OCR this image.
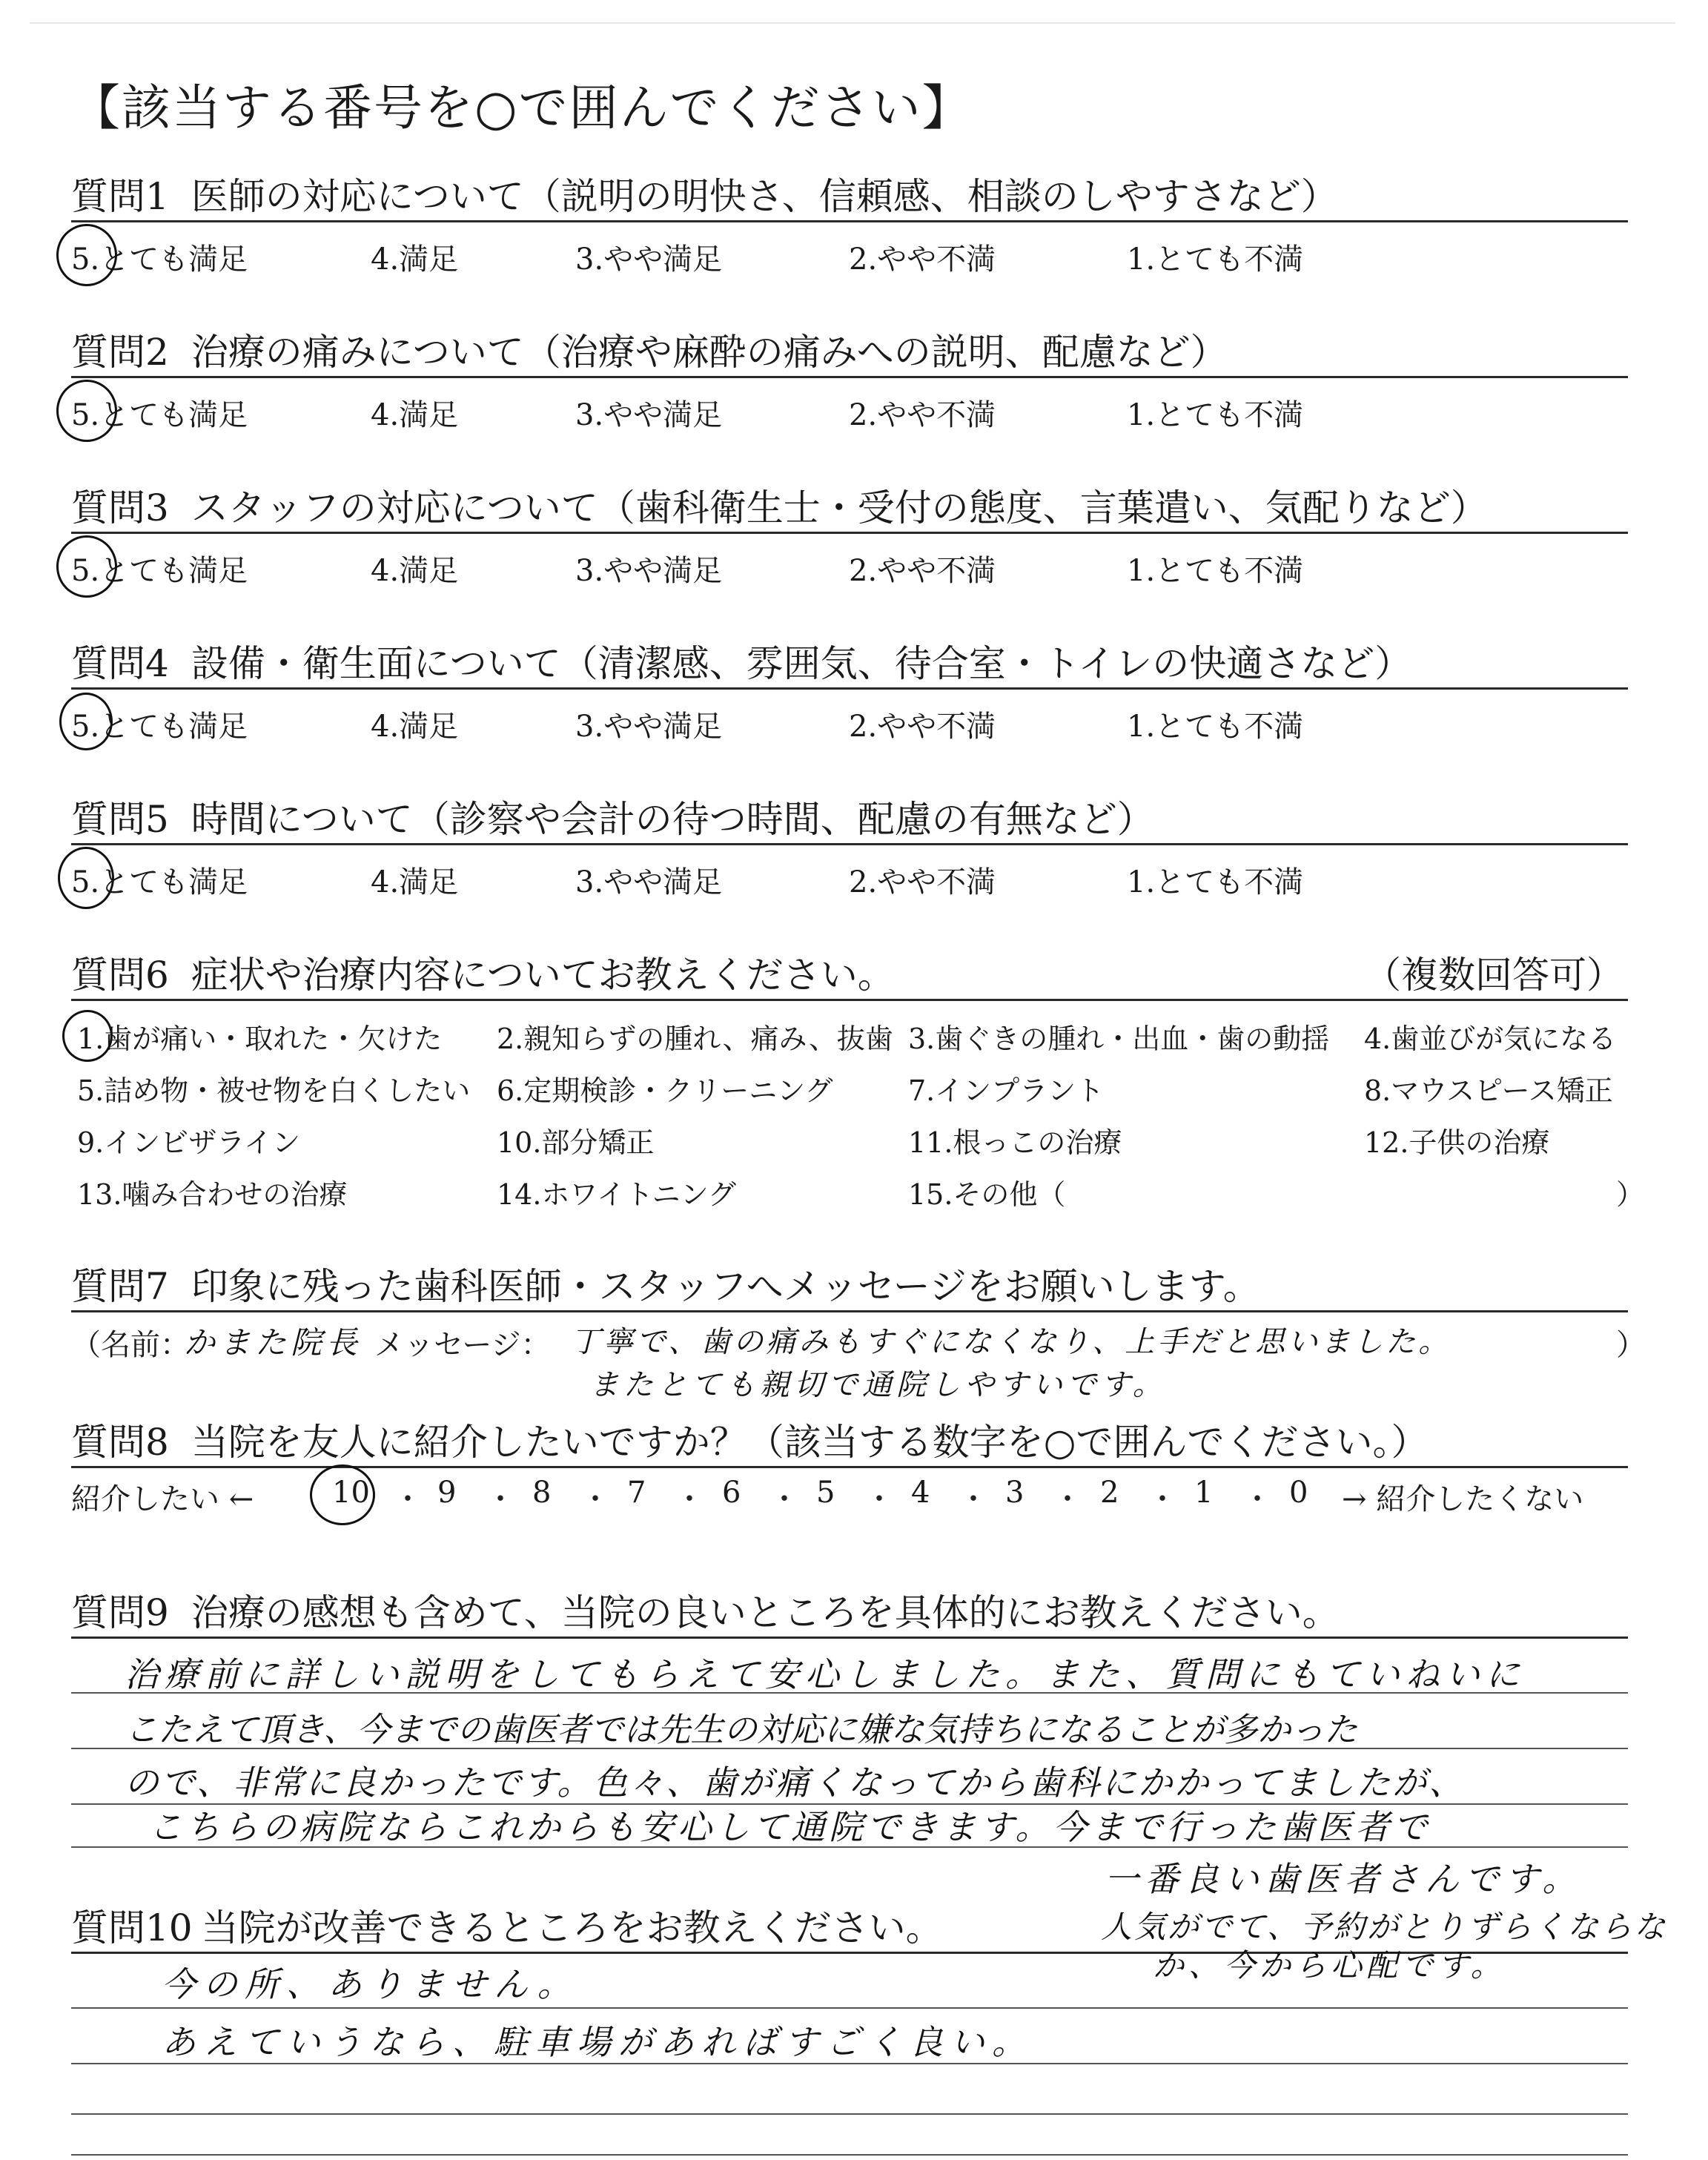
【該当する番号を○で囲んでください】
質問1 医師の対応について（説明の明快さ、信頼感、相談のしやすさなど）
5.とても満足	4.満足	3.やや満足	2.やや不満	1.とても不満
質問2 治療の痛みについて（治療や麻酔の痛みへの説明、配慮など）
5.とても満足	4.満足	3.やや満足	2.やや不満	1.とても不満
質問3 スタッフの対応について（歯科衛生士・受付の態度、言葉遣い、気配りなど）
5.とても満足	4.満足	3.やや満足	2.やや不満	1.とても不満
質問4 設備・衛生面について（清潔感、雰囲気、待合室・トイレの快適さなど）
5.とても満足	4.満足	3.やや満足	2.やや不満	1.とても不満
質問5 時間について（診察や会計の待つ時間、配慮の有無など）
5.とても満足	4.満足	3.やや満足	2.やや不満	1.とても不満
質問6 症状や治療内容についてお教えください。	（複数回答可）
1.歯が痛い・取れた・欠けた 2.親知らずの腫れ、痛み、抜歯 3.歯ぐきの腫れ・出血・歯の動揺 4.歯並びが気になる
5.詰め物・被せ物を白くしたい 6.定期検診・クリーニング	7.インプラント	8.マウスピース矯正
9.インビザライン	10.部分矯正	11.根っこの治療	12.子供の治療
13.噛み合わせの治療	14.ホワイトニング	15.その他（	）
質問7 印象に残った歯科医師・スタッフへメッセージをお願いします。
（名前：
かまた院長 メッセージ： 丁寧で、歯の痛みもすぐになくなり、上手だと思いました。
またとても親切で通院しやすいです。
）
質問8 当院を友人に紹介したいですか？（該当する数字を○で囲んでください。）
紹介したい ←	10 ・ 9 ・ 8 ・ 7 ・ 6 ・ 5 ・ 4 ・ 3 ・ 2 ・ 1 ・ 0 → 紹介したくない
質問9 治療の感想も含めて、当院の良いところを具体的にお教えください。
治療前に詳しい説明をしてもらえて安心しました。また、質問にもていねいに
こたえて頂き、今までの歯医者では先生の対応に嫌な気持ちになることが多かった
ので、非常に良かったです。色々、歯が痛くなってから歯科にかかってましたが、
こちらの病院ならこれからも安心して通院できます。今まで行った歯医者で
一番良い歯医者さんです。
質問10 当院が改善できるところをお教えください。	人気がでて、予約がとりずらくならな
か、今から心配です。
今の所、ありません。
あえていうなら、駐車場があればすごく良い。
